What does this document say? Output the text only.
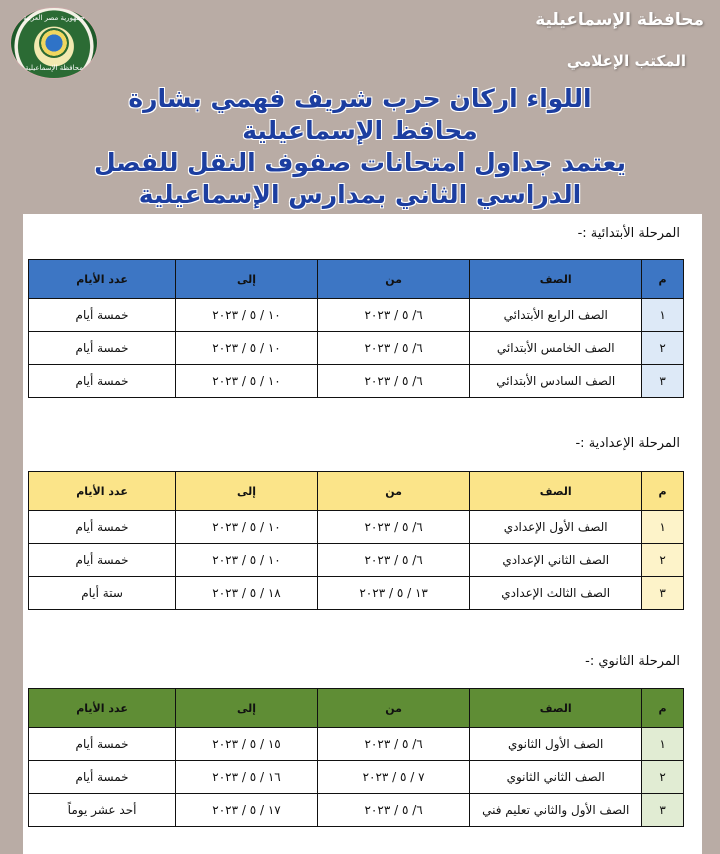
جمهورية مصر العربية
محافظة الإسماعيلية
محافظة الإسماعيلية
المكتب الإعلامي
اللواء اركان حرب شريف فهمي بشارة
محافظ الإسماعيلية
يعتمد جداول امتحانات صفوف النقل للفصل
الدراسي الثاني بمدارس الإسماعيلية
المرحلة الأبتدائية :-
م	الصف	من	إلى	عدد الأيام
١	الصف الرابع الأبتدائي	٦/ ٥ / ٢٠٢٣	١٠ / ٥ / ٢٠٢٣	خمسة أيام
٢	الصف الخامس الأبتدائي	٦/ ٥ / ٢٠٢٣	١٠ / ٥ / ٢٠٢٣	خمسة أيام
٣	الصف السادس الأبتدائي	٦/ ٥ / ٢٠٢٣	١٠ / ٥ / ٢٠٢٣	خمسة أيام
المرحلة الإعدادية :-
م	الصف	من	إلى	عدد الأيام
١	الصف الأول الإعدادي	٦/ ٥ / ٢٠٢٣	١٠ / ٥ / ٢٠٢٣	خمسة أيام
٢	الصف الثاني الإعدادي	٦/ ٥ / ٢٠٢٣	١٠ / ٥ / ٢٠٢٣	خمسة أيام
٣	الصف الثالث الإعدادي	١٣ / ٥ / ٢٠٢٣	١٨ / ٥ / ٢٠٢٣	ستة أيام
المرحلة الثانوي :-
م	الصف	من	إلى	عدد الأيام
١	الصف الأول الثانوي	٦/ ٥ / ٢٠٢٣	١٥ / ٥ / ٢٠٢٣	خمسة أيام
٢	الصف الثاني الثانوي	٧ / ٥ / ٢٠٢٣	١٦ / ٥ / ٢٠٢٣	خمسة أيام
٣	الصف الأول والثاني تعليم فني	٦/ ٥ / ٢٠٢٣	١٧ / ٥ / ٢٠٢٣	أحد عشر يوماً
